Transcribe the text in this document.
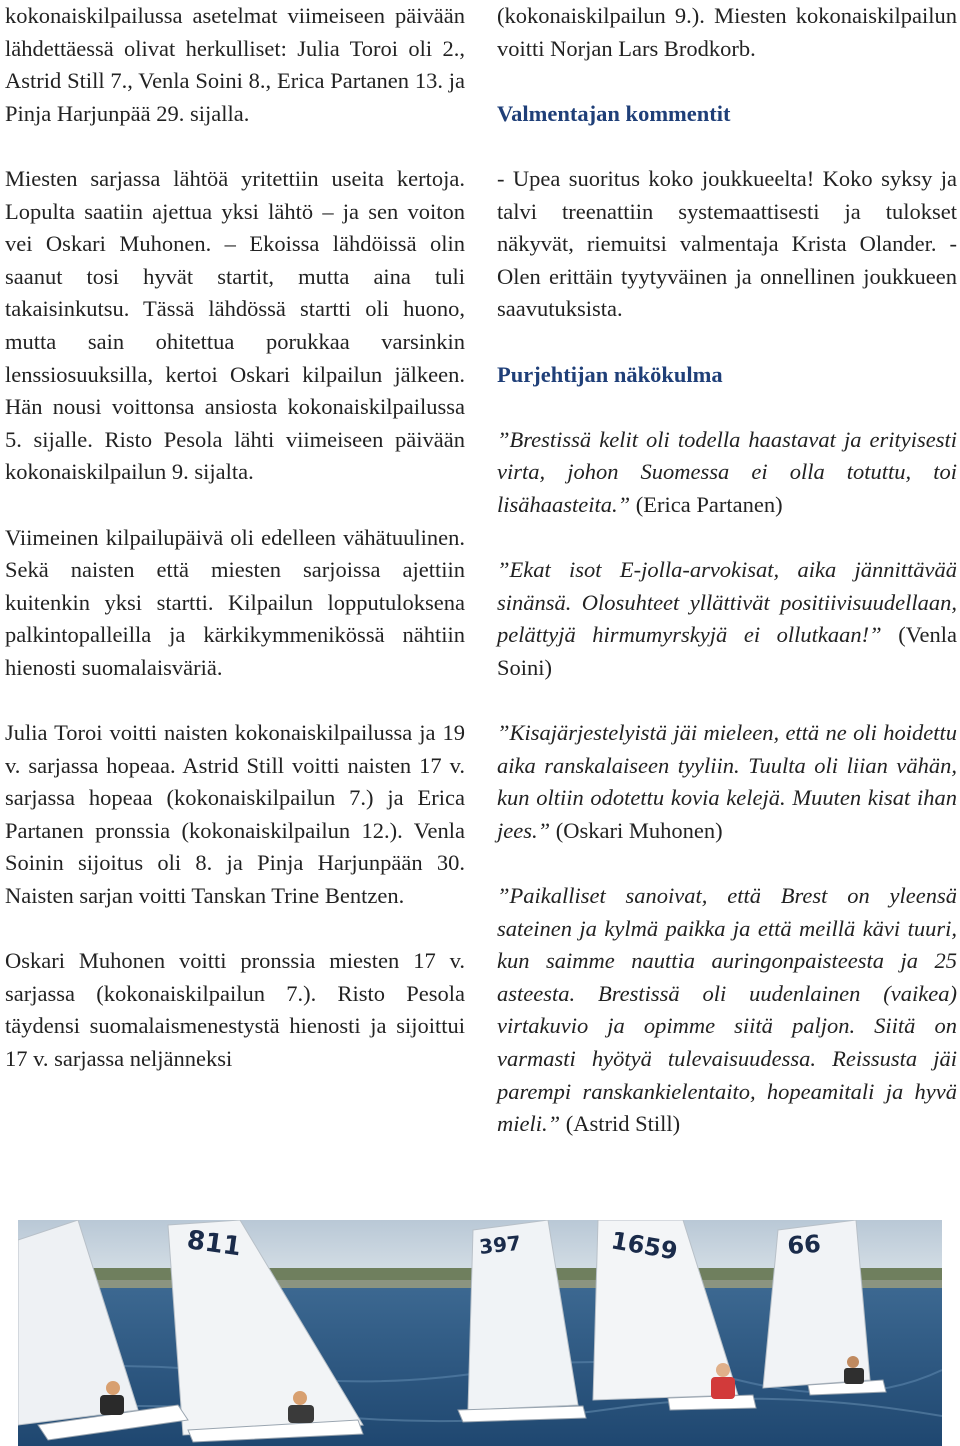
kokonaiskilpailussa asetelmat viimeiseen päivään lähdettäessä olivat herkulliset: Julia Toroi oli 2., Astrid Still 7., Venla Soini 8., Erica Partanen 13. ja Pinja Harjunpää 29. sijalla.

Miesten sarjassa lähtöä yritettiin useita kertoja. Lopulta saatiin ajettua yksi lähtö – ja sen voiton vei Oskari Muhonen. – Ekoissa lähdöissä olin saanut tosi hyvät startit, mutta aina tuli takaisinkutsu. Tässä lähdössä startti oli huono, mutta sain ohitettua porukkaa varsinkin lenssiosuuksilla, kertoi Oskari kilpailun jälkeen. Hän nousi voittonsa ansiosta kokonaiskilpailussa 5. sijalle. Risto Pesola lähti viimeiseen päivään kokonaiskilpailun 9. sijalta.

Viimeinen kilpailupäivä oli edelleen vähätuulinen. Sekä naisten että miesten sarjoissa ajettiin kuitenkin yksi startti. Kilpailun lopputuloksena palkintopalleilla ja kärkikymmenikössä nähtiin hienosti suomalaisväriä.

Julia Toroi voitti naisten kokonaiskilpailussa ja 19 v. sarjassa hopeaa. Astrid Still voitti naisten 17 v. sarjassa hopeaa (kokonaiskilpailun 7.) ja Erica Partanen pronssia (kokonaiskilpailun 12.). Venla Soinin sijoitus oli 8. ja Pinja Harjunpään 30. Naisten sarjan voitti Tanskan Trine Bentzen.

Oskari Muhonen voitti pronssia miesten 17 v. sarjassa (kokonaiskilpailun 7.). Risto Pesola täydensi suomalaismenestystä hienosti ja sijoittui 17 v. sarjassa neljänneksi

(kokonaiskilpailun 9.). Miesten kokonaiskilpailun voitti Norjan Lars Brodkorb.

Valmentajan kommentit

- Upea suoritus koko joukkueelta! Koko syksy ja talvi treenattiin systemaattisesti ja tulokset näkyvät, riemuitsi valmentaja Krista Olander. - Olen erittäin tyytyväinen ja onnellinen joukkueen saavutuksista.

Purjehtijan näkökulma

”Brestissä kelit oli todella haastavat ja erityisesti virta, johon Suomessa ei olla totuttu, toi lisähaasteita.” (Erica Partanen)

”Ekat isot E-jolla-arvokisat, aika jännittävää sinänsä. Olosuhteet yllättivät positiivisuudellaan, pelättyjä hirmumyrskyjä ei ollutkaan!” (Venla Soini)

”Kisajärjestelyistä jäi mieleen, että ne oli hoidettu aika ranskalaiseen tyyliin. Tuulta oli liian vähän, kun oltiin odotettu kovia kelejä. Muuten kisat ihan jees.” (Oskari Muhonen)

”Paikalliset sanoivat, että Brest on yleensä sateinen ja kylmä paikka ja että meillä kävi tuuri, kun saimme nauttia auringonpaisteesta ja 25 asteesta. Brestissä oli uudenlainen (vaikea) virtakuvio ja opimme siitä paljon. Siitä on varmasti hyötyä tulevaisuudessa. Reissusta jäi parempi ranskankielentaito, hopeamitali ja hyvä mieli.” (Astrid Still)

811	397	1659	66
